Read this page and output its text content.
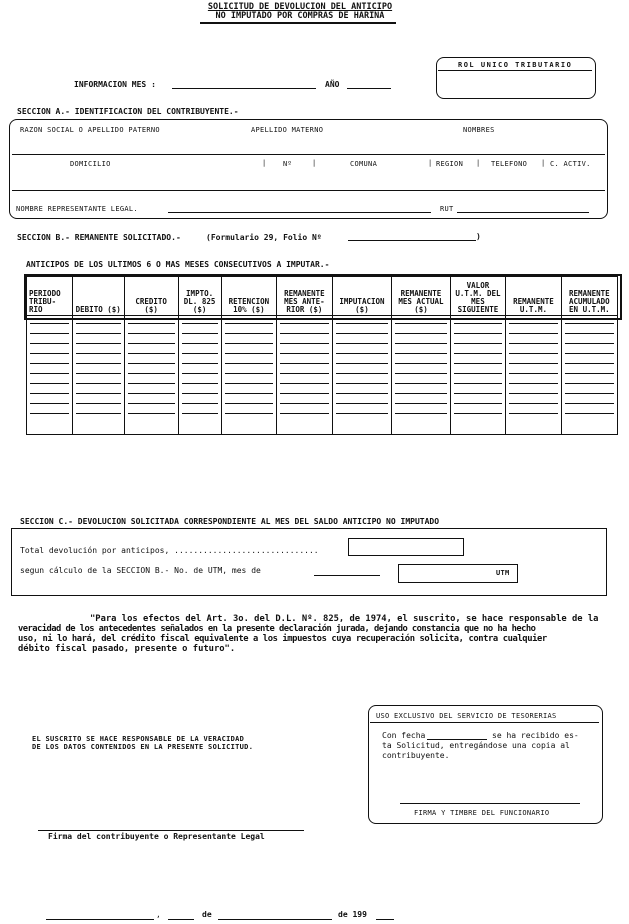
SOLICITUD DE DEVOLUCION DEL ANTICIPO
NO IMPUTADO POR COMPRAS DE HARINA
INFORMACION MES :	AÑO
ROL UNICO TRIBUTARIO
SECCION A.- IDENTIFICACION DEL CONTRIBUYENTE.-
RAZON SOCIAL O APELLIDO PATERNO	APELLIDO MATERNO	NOMBRES
DOMICILIO	| Nº	|	COMUNA	| REGION | TELEFONO | C. ACTIV.
NOMBRE REPRESENTANTE LEGAL.	RUT
SECCION B.- REMANENTE SOLICITADO.-	(Formulario 29, Folio Nº	)
ANTICIPOS DE LOS ULTIMOS 6 O MAS MESES CONSECUTIVOS A IMPUTAR.-
PERIODO TRIBU- RIO	DEBITO ($)	CREDITO ($)	IMPTO. DL. 825 ($)	RETENCION 10% ($)	REMANENTE MES ANTE- RIOR ($)	IMPUTACION ($)	REMANENTE MES ACTUAL ($)	VALOR U.T.M. DEL MES SIGUIENTE	REMANENTE U.T.M.	REMANENTE ACUMULADO EN U.T.M.

SECCION C.- DEVOLUCION SOLICITADA CORRESPONDIENTE AL MES DEL SALDO ANTICIPO NO IMPUTADO
Total devolución por anticipos, ..............................
segun cálculo de la SECCION B.- No. de UTM, mes de	UTM
"Para los efectos del Art. 3o. del D.L. Nº. 825, de 1974, el suscrito, se hace responsable de la
veracidad de los antecedentes señalados en la presente declaración jurada, dejando constancia que no ha hecho
uso, ni lo hará, del crédito fiscal equivalente a los impuestos cuya recuperación solicita, contra cualquier
débito fiscal pasado, presente o futuro".
EL SUSCRITO SE HACE RESPONSABLE DE LA VERACIDAD
DE LOS DATOS CONTENIDOS EN LA PRESENTE SOLICITUD.
USO EXCLUSIVO DEL SERVICIO DE TESORERIAS
Con fecha	se ha recibido es-
ta Solicitud, entregándose una copia al
contribuyente.
FIRMA Y TIMBRE DEL FUNCIONARIO
Firma del contribuyente o Representante Legal
,	de	de 199
